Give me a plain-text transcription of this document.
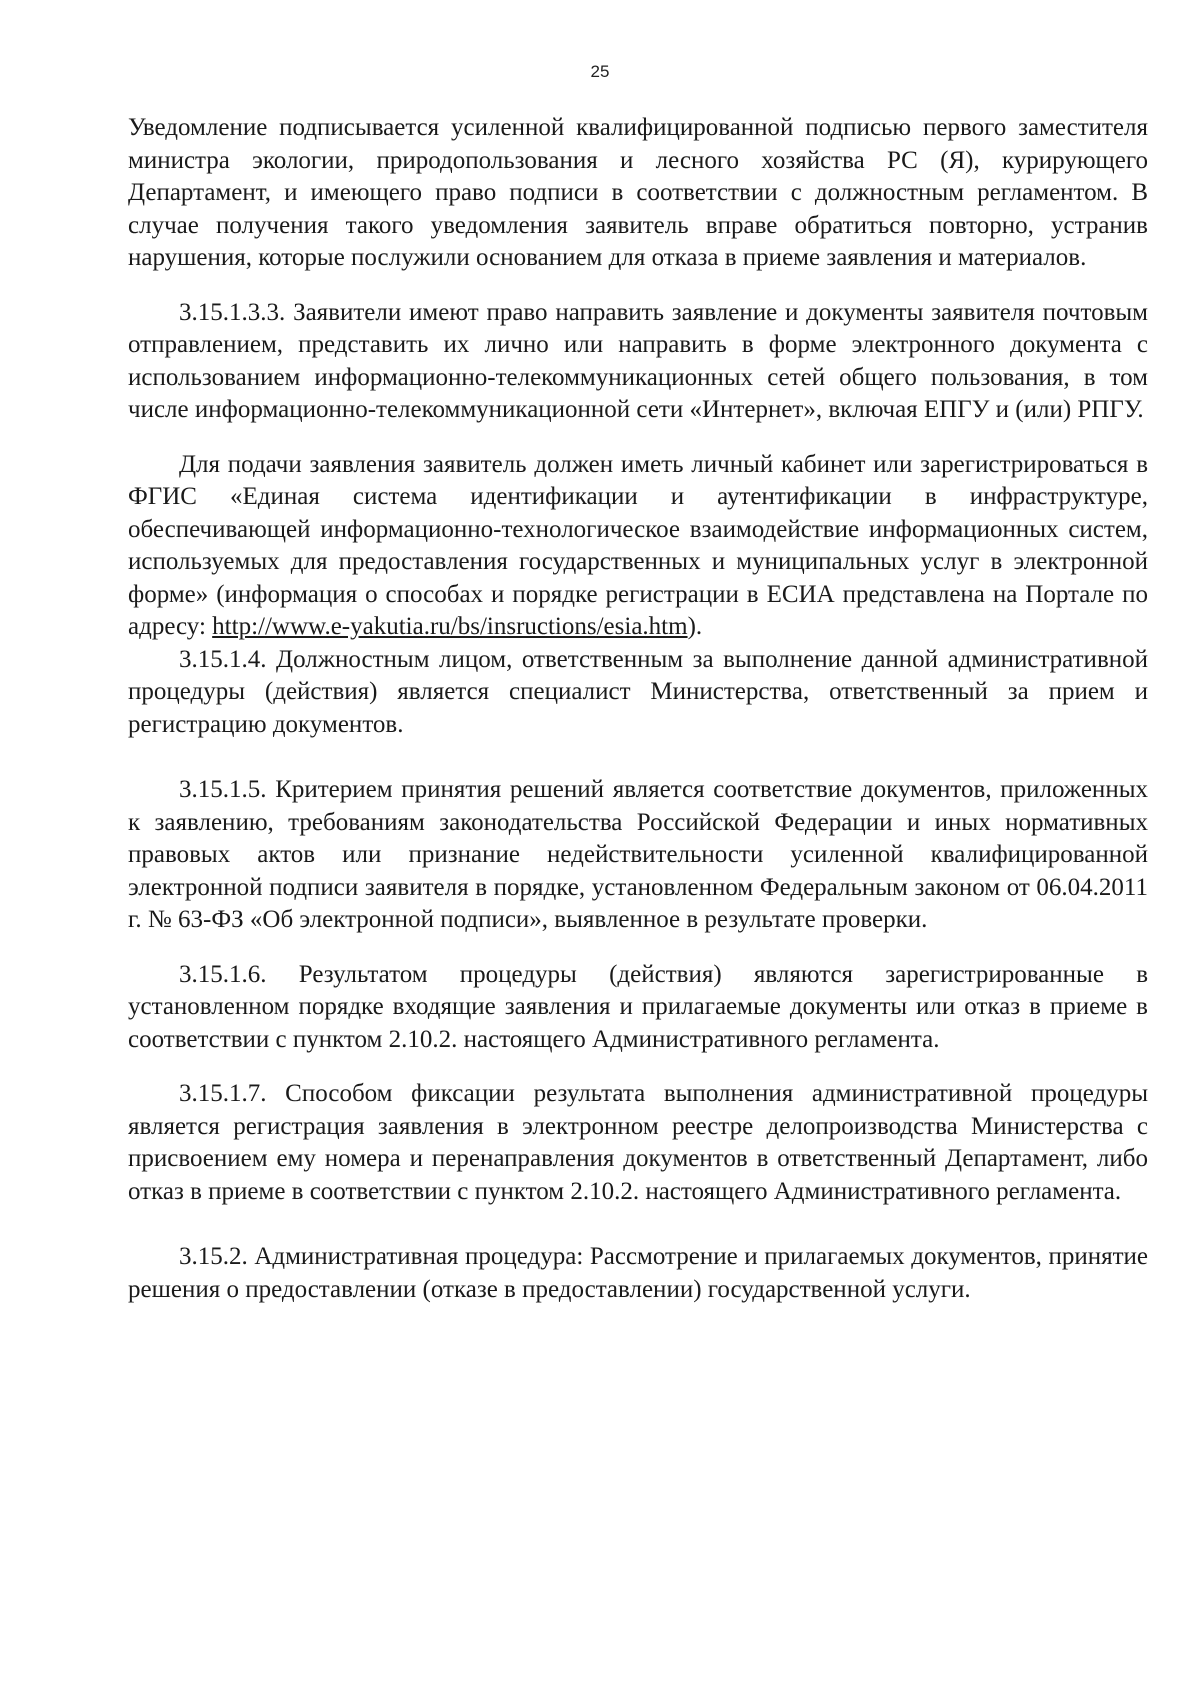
25

Уведомление подписывается усиленной квалифицированной подписью первого заместителя министра экологии, природопользования и лесного хозяйства РС (Я), курирующего Департамент, и имеющего право подписи в соответствии с должностным регламентом. В случае получения такого уведомления заявитель вправе обратиться повторно, устранив нарушения, которые послужили основанием для отказа в приеме заявления и материалов.

3.15.1.3.3. Заявители имеют право направить заявление и документы заявителя почтовым отправлением, представить их лично или направить в форме электронного документа с использованием информационно-телекоммуникационных сетей общего пользования, в том числе информационно-телекоммуникационной сети «Интернет», включая ЕПГУ и (или) РПГУ.

Для подачи заявления заявитель должен иметь личный кабинет или зарегистрироваться в ФГИС «Единая система идентификации и аутентификации в инфраструктуре, обеспечивающей информационно-технологическое взаимодействие информационных систем, используемых для предоставления государственных и муниципальных услуг в электронной форме» (информация о способах и порядке регистрации в ЕСИА представлена на Портале по адресу: http://www.e-yakutia.ru/bs/insructions/esia.htm).

3.15.1.4. Должностным лицом, ответственным за выполнение данной административной процедуры (действия) является специалист Министерства, ответственный за прием и регистрацию документов.

3.15.1.5. Критерием принятия решений является соответствие документов, приложенных к заявлению, требованиям законодательства Российской Федерации и иных нормативных правовых актов или признание недействительности усиленной квалифицированной электронной подписи заявителя в порядке, установленном Федеральным законом от 06.04.2011 г. № 63-ФЗ «Об электронной подписи», выявленное в результате проверки.

3.15.1.6. Результатом процедуры (действия) являются зарегистрированные в установленном порядке входящие заявления и прилагаемые документы или отказ в приеме в соответствии с пунктом 2.10.2. настоящего Административного регламента.

3.15.1.7. Способом фиксации результата выполнения административной процедуры является регистрация заявления в электронном реестре делопроизводства Министерства с присвоением ему номера и перенаправления документов в ответственный Департамент, либо отказ в приеме в соответствии с пунктом 2.10.2. настоящего Административного регламента.

3.15.2. Административная процедура: Рассмотрение и прилагаемых документов, принятие решения о предоставлении (отказе в предоставлении) государственной услуги.
